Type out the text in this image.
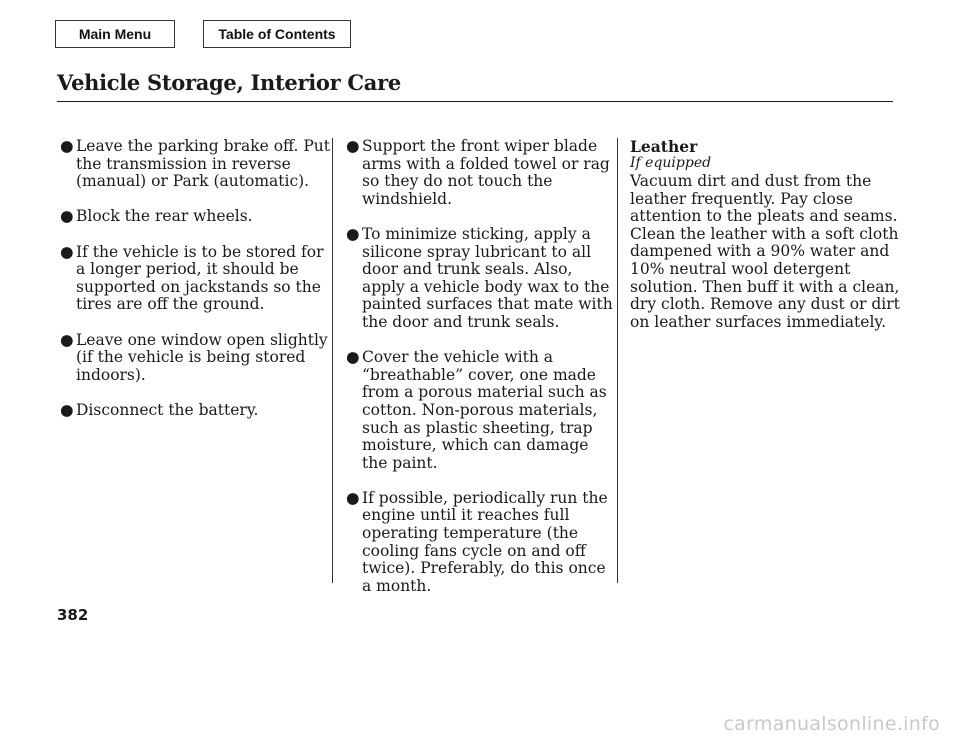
Main Menu	Table of Contents
Vehicle Storage, Interior Care
● Leave the parking brake off. Put the transmission in reverse (manual) or Park (automatic).
● Block the rear wheels.
● If the vehicle is to be stored for a longer period, it should be supported on jackstands so the tires are off the ground.
● Leave one window open slightly (if the vehicle is being stored indoors).
● Disconnect the battery.
● Support the front wiper blade arms with a folded towel or rag so they do not touch the windshield.
● To minimize sticking, apply a silicone spray lubricant to all door and trunk seals. Also, apply a vehicle body wax to the painted surfaces that mate with the door and trunk seals.
● Cover the vehicle with a “breathable” cover, one made from a porous material such as cotton. Non-porous materials, such as plastic sheeting, trap moisture, which can damage the paint.
● If possible, periodically run the engine until it reaches full operating temperature (the cooling fans cycle on and off twice). Preferably, do this once a month.
Leather
If equipped
Vacuum dirt and dust from the leather frequently. Pay close attention to the pleats and seams. Clean the leather with a soft cloth dampened with a 90% water and 10% neutral wool detergent solution. Then buff it with a clean, dry cloth. Remove any dust or dirt on leather surfaces immediately.
382
carmanualsonline.info
